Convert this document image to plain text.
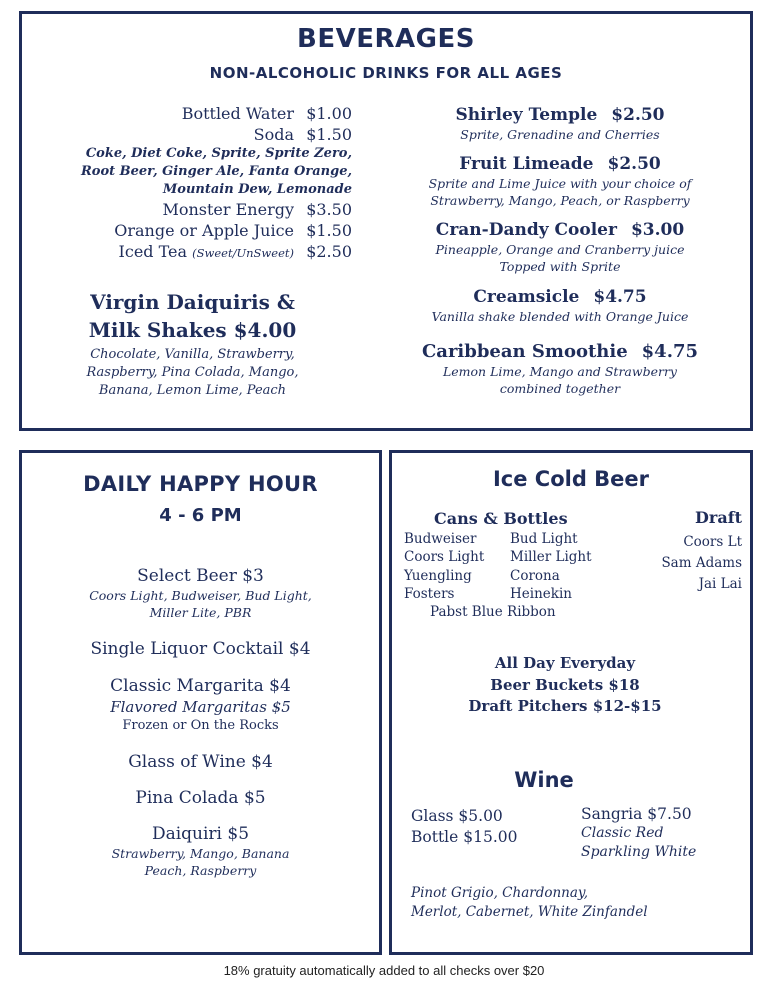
BEVERAGES
NON-ALCOHOLIC DRINKS FOR ALL AGES
Bottled Water $1.00
Soda $1.50
Coke, Diet Coke, Sprite, Sprite Zero,
Root Beer, Ginger Ale, Fanta Orange,
Mountain Dew, Lemonade
Monster Energy $3.50
Orange or Apple Juice $1.50
Iced Tea (Sweet/UnSweet) $2.50
Virgin Daiquiris &
Milk Shakes $4.00
Chocolate, Vanilla, Strawberry,
Raspberry, Pina Colada, Mango,
Banana, Lemon Lime, Peach
Shirley Temple $2.50
Sprite, Grenadine and Cherries
Fruit Limeade $2.50
Sprite and Lime Juice with your choice of
Strawberry, Mango, Peach, or Raspberry
Cran-Dandy Cooler $3.00
Pineapple, Orange and Cranberry juice
Topped with Sprite
Creamsicle $4.75
Vanilla shake blended with Orange Juice
Caribbean Smoothie $4.75
Lemon Lime, Mango and Strawberry
combined together
DAILY HAPPY HOUR
4 - 6 PM
Select Beer $3
Coors Light, Budweiser, Bud Light,
Miller Lite, PBR
Single Liquor Cocktail $4
Classic Margarita $4
Flavored Margaritas $5
Frozen or On the Rocks
Glass of Wine $4
Pina Colada $5
Daiquiri $5
Strawberry, Mango, Banana
Peach, Raspberry
Ice Cold Beer
Cans & Bottles
Budweiser
Coors Light
Yuengling
Fosters
Bud Light
Miller Light
Corona
Heinekin
Pabst Blue Ribbon
Draft
Coors Lt
Sam Adams
Jai Lai
All Day Everyday
Beer Buckets $18
Draft Pitchers $12-$15
Wine
Glass $5.00
Bottle $15.00
Sangria $7.50
Classic Red
Sparkling White
Pinot Grigio, Chardonnay,
Merlot, Cabernet, White Zinfandel
18% gratuity automatically added to all checks over $20
